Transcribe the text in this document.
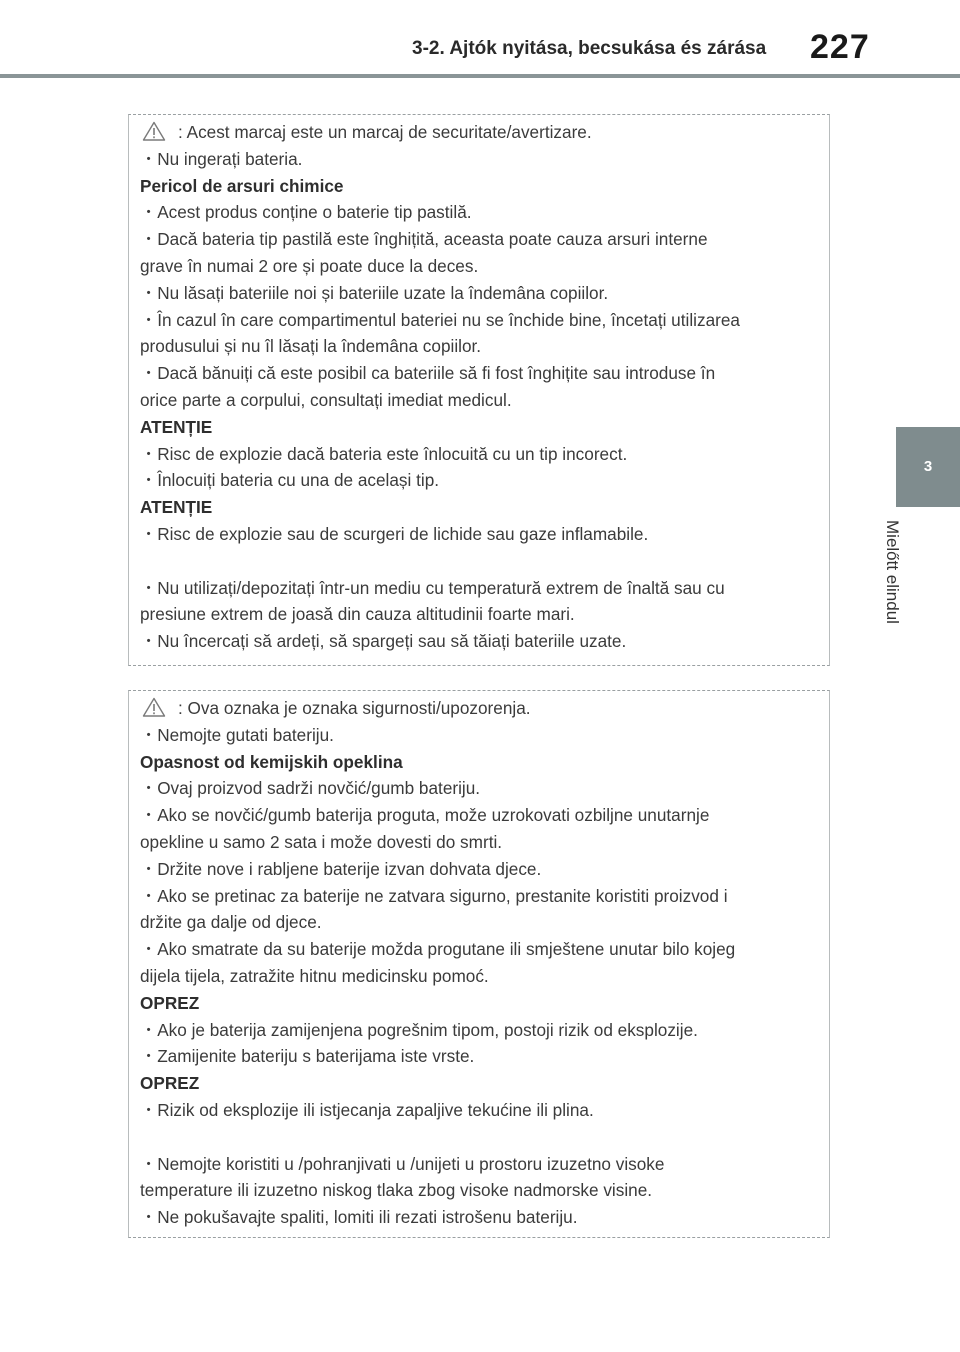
3-2. Ajtók nyitása, becsukása és zárása 227
3
Mielőtt elindul
: Acest marcaj este un marcaj de securitate/avertizare.
・Nu ingerați bateria.
Pericol de arsuri chimice
・Acest produs conține o baterie tip pastilă.
・Dacă bateria tip pastilă este înghițită, aceasta poate cauza arsuri interne
grave în numai 2 ore și poate duce la deces.
・Nu lăsați bateriile noi și bateriile uzate la îndemâna copiilor.
・În cazul în care compartimentul bateriei nu se închide bine, încetați utilizarea
produsului și nu îl lăsați la îndemâna copiilor.
・Dacă bănuiți că este posibil ca bateriile să fi fost înghițite sau introduse în
orice parte a corpului, consultați imediat medicul.
ATENȚIE
・Risc de explozie dacă bateria este înlocuită cu un tip incorect.
・Înlocuiți bateria cu una de același tip.
ATENȚIE
・Risc de explozie sau de scurgeri de lichide sau gaze inflamabile.
・Nu utilizați/depozitați într-un mediu cu temperatură extrem de înaltă sau cu
presiune extrem de joasă din cauza altitudinii foarte mari.
・Nu încercați să ardeți, să spargeți sau să tăiați bateriile uzate.
: Ova oznaka je oznaka sigurnosti/upozorenja.
・Nemojte gutati bateriju.
Opasnost od kemijskih opeklina
・Ovaj proizvod sadrži novčić/gumb bateriju.
・Ako se novčić/gumb baterija proguta, može uzrokovati ozbiljne unutarnje
opekline u samo 2 sata i može dovesti do smrti.
・Držite nove i rabljene baterije izvan dohvata djece.
・Ako se pretinac za baterije ne zatvara sigurno, prestanite koristiti proizvod i
držite ga dalje od djece.
・Ako smatrate da su baterije možda progutane ili smještene unutar bilo kojeg
dijela tijela, zatražite hitnu medicinsku pomoć.
OPREZ
・Ako je baterija zamijenjena pogrešnim tipom, postoji rizik od eksplozije.
・Zamijenite bateriju s baterijama iste vrste.
OPREZ
・Rizik od eksplozije ili istjecanja zapaljive tekućine ili plina.
・Nemojte koristiti u /pohranjivati u /unijeti u prostoru izuzetno visoke
temperature ili izuzetno niskog tlaka zbog visoke nadmorske visine.
・Ne pokušavajte spaliti, lomiti ili rezati istrošenu bateriju.
